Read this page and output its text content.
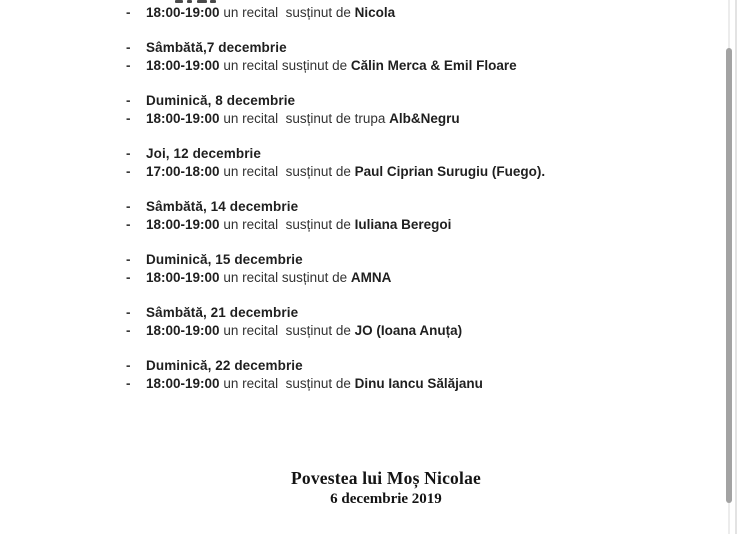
- 18:00-19:00 un recital  susținut de Nicola
- Sâmbătă,7 decembrie
- 18:00-19:00 un recital susținut de Călin Merca & Emil Floare
- Duminică, 8 decembrie
- 18:00-19:00 un recital  susținut de trupa Alb&Negru
- Joi, 12 decembrie
- 17:00-18:00 un recital  susținut de Paul Ciprian Surugiu (Fuego).
- Sâmbătă, 14 decembrie
- 18:00-19:00 un recital  susținut de Iuliana Beregoi
- Duminică, 15 decembrie
- 18:00-19:00 un recital susținut de AMNA
- Sâmbătă, 21 decembrie
- 18:00-19:00 un recital  susținut de JO (Ioana Anuța)
- Duminică, 22 decembrie
- 18:00-19:00 un recital  susținut de Dinu Iancu Sălăjanu
Povestea lui Moș Nicolae
6 decembrie 2019
